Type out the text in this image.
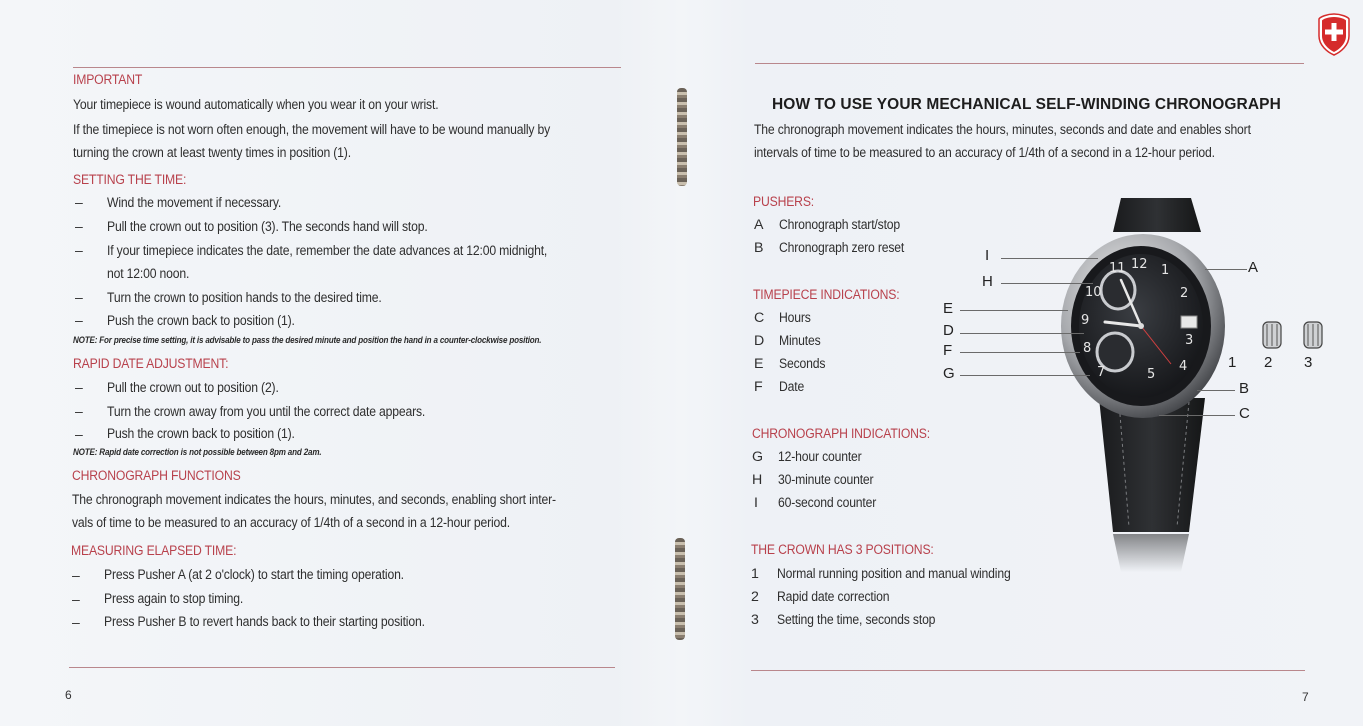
IMPORTANT
Your timepiece is wound automatically when you wear it on your wrist.
If the timepiece is not worn often enough, the movement will have to be wound manually by
turning the crown at least twenty times in position (1).
SETTING THE TIME:
– Wind the movement if necessary.
– Pull the crown out to position (3). The seconds hand will stop.
– If your timepiece indicates the date, remember the date advances at 12:00 midnight,
not 12:00 noon.
– Turn the crown to position hands to the desired time.
– Push the crown back to position (1).
NOTE: For precise time setting, it is advisable to pass the desired minute and position the hand in a counter-clockwise position.
RAPID DATE ADJUSTMENT:
– Pull the crown out to position (2).
– Turn the crown away from you until the correct date appears.
– Push the crown back to position (1).
NOTE: Rapid date correction is not possible between 8pm and 2am.
CHRONOGRAPH FUNCTIONS
The chronograph movement indicates the hours, minutes, and seconds, enabling short inter-
vals of time to be measured to an accuracy of 1/4th of a second in a 12-hour period.
MEASURING ELAPSED TIME:
– Press Pusher A (at 2 o'clock) to start the timing operation.
– Press again to stop timing.
– Press Pusher B to revert hands back to their starting position.
6
HOW TO USE YOUR MECHANICAL SELF-WINDING CHRONOGRAPH
The chronograph movement indicates the hours, minutes, seconds and date and enables short
intervals of time to be measured to an accuracy of 1/4th of a second in a 12-hour period.
PUSHERS:
A Chronograph start/stop
B Chronograph zero reset
TIMEPIECE INDICATIONS:
C Hours
D Minutes
E Seconds
F Date
CHRONOGRAPH INDICATIONS:
G 12-hour counter
H 30-minute counter
I 60-second counter
THE CROWN HAS 3 POSITIONS:
1 Normal running position and manual winding
2 Rapid date correction
3 Setting the time, seconds stop
11 12 1
10	2
9
3
8
4
7	5
I
H
E
D
F
G
A
B
C
1 2 3
7
